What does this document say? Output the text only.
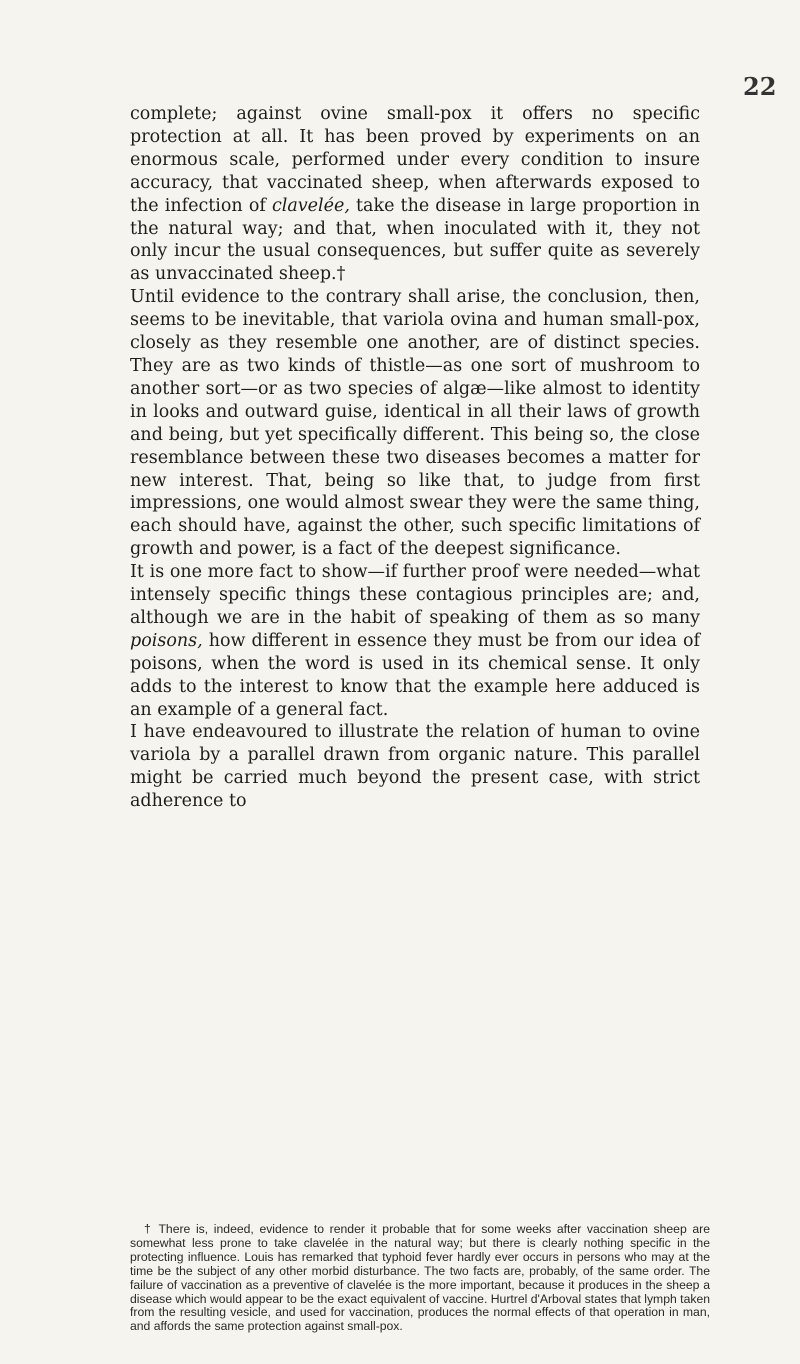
22

complete; against ovine small-pox it offers no specific protection at all. It has been proved by experiments on an enormous scale, performed under every condition to insure accuracy, that vaccinated sheep, when afterwards exposed to the infection of clavelée, take the disease in large proportion in the natural way; and that, when inoculated with it, they not only incur the usual consequences, but suffer quite as severely as unvaccinated sheep.†

Until evidence to the contrary shall arise, the conclusion, then, seems to be inevitable, that variola ovina and human small-pox, closely as they resemble one another, are of distinct species. They are as two kinds of thistle—as one sort of mushroom to another sort—or as two species of algæ—like almost to identity in looks and outward guise, identical in all their laws of growth and being, but yet specifically different. This being so, the close resemblance between these two diseases becomes a matter for new interest. That, being so like that, to judge from first impressions, one would almost swear they were the same thing, each should have, against the other, such specific limitations of growth and power, is a fact of the deepest significance.

It is one more fact to show—if further proof were needed—what intensely specific things these contagious principles are; and, although we are in the habit of speaking of them as so many poisons, how different in essence they must be from our idea of poisons, when the word is used in its chemical sense. It only adds to the interest to know that the example here adduced is an example of a general fact.

I have endeavoured to illustrate the relation of human to ovine variola by a parallel drawn from organic nature. This parallel might be carried much beyond the present case, with strict adherence to

† There is, indeed, evidence to render it probable that for some weeks after vaccination sheep are somewhat less prone to take clavelée in the natural way; but there is clearly nothing specific in the protecting influence. Louis has remarked that typhoid fever hardly ever occurs in persons who may at the time be the subject of any other morbid disturbance. The two facts are, probably, of the same order. The failure of vaccination as a preventive of clavelée is the more important, because it produces in the sheep a disease which would appear to be the exact equivalent of vaccine. Hurtrel d'Arboval states that lymph taken from the resulting vesicle, and used for vaccination, produces the normal effects of that operation in man, and affords the same protection against small-pox.
